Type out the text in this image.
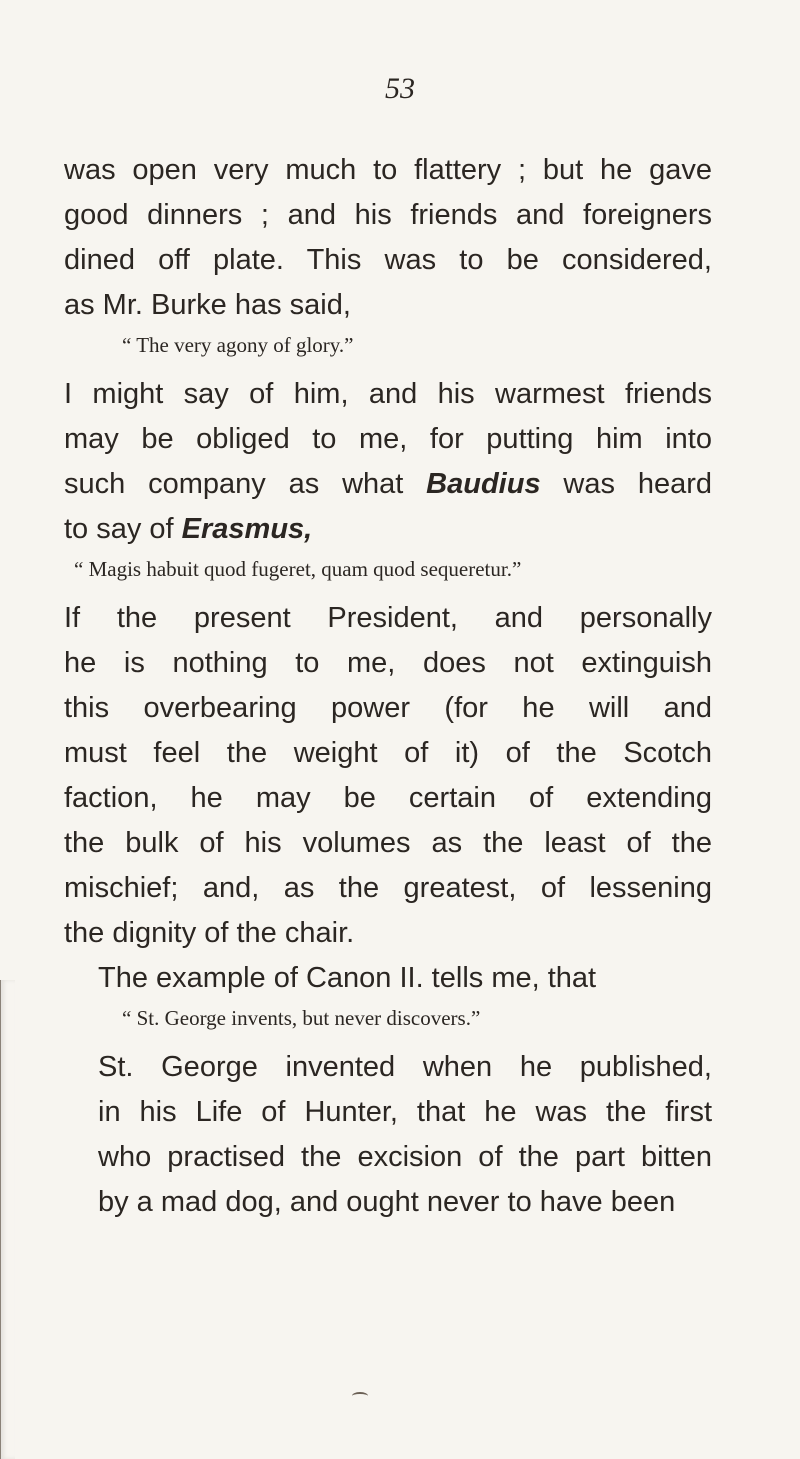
53
was open very much to flattery ; but he gave
good dinners ; and his friends and foreigners
dined off plate. This was to be considered,
as Mr. Burke has said,
“ The very agony of glory.”
I might say of him, and his warmest friends
may be obliged to me, for putting him into
such company as what Baudius was heard
to say of Erasmus,
“ Magis habuit quod fugeret, quam quod sequeretur.”
If the present President, and personally
he is nothing to me, does not extinguish
this overbearing power (for he will and
must feel the weight of it) of the Scotch
faction, he may be certain of extending
the bulk of his volumes as the least of the
mischief; and, as the greatest, of lessening
the dignity of the chair.
The example of Canon II. tells me, that
“ St. George invents, but never discovers.”
St. George invented when he published,
in his Life of Hunter, that he was the first
who practised the excision of the part bitten
by a mad dog, and ought never to have been
